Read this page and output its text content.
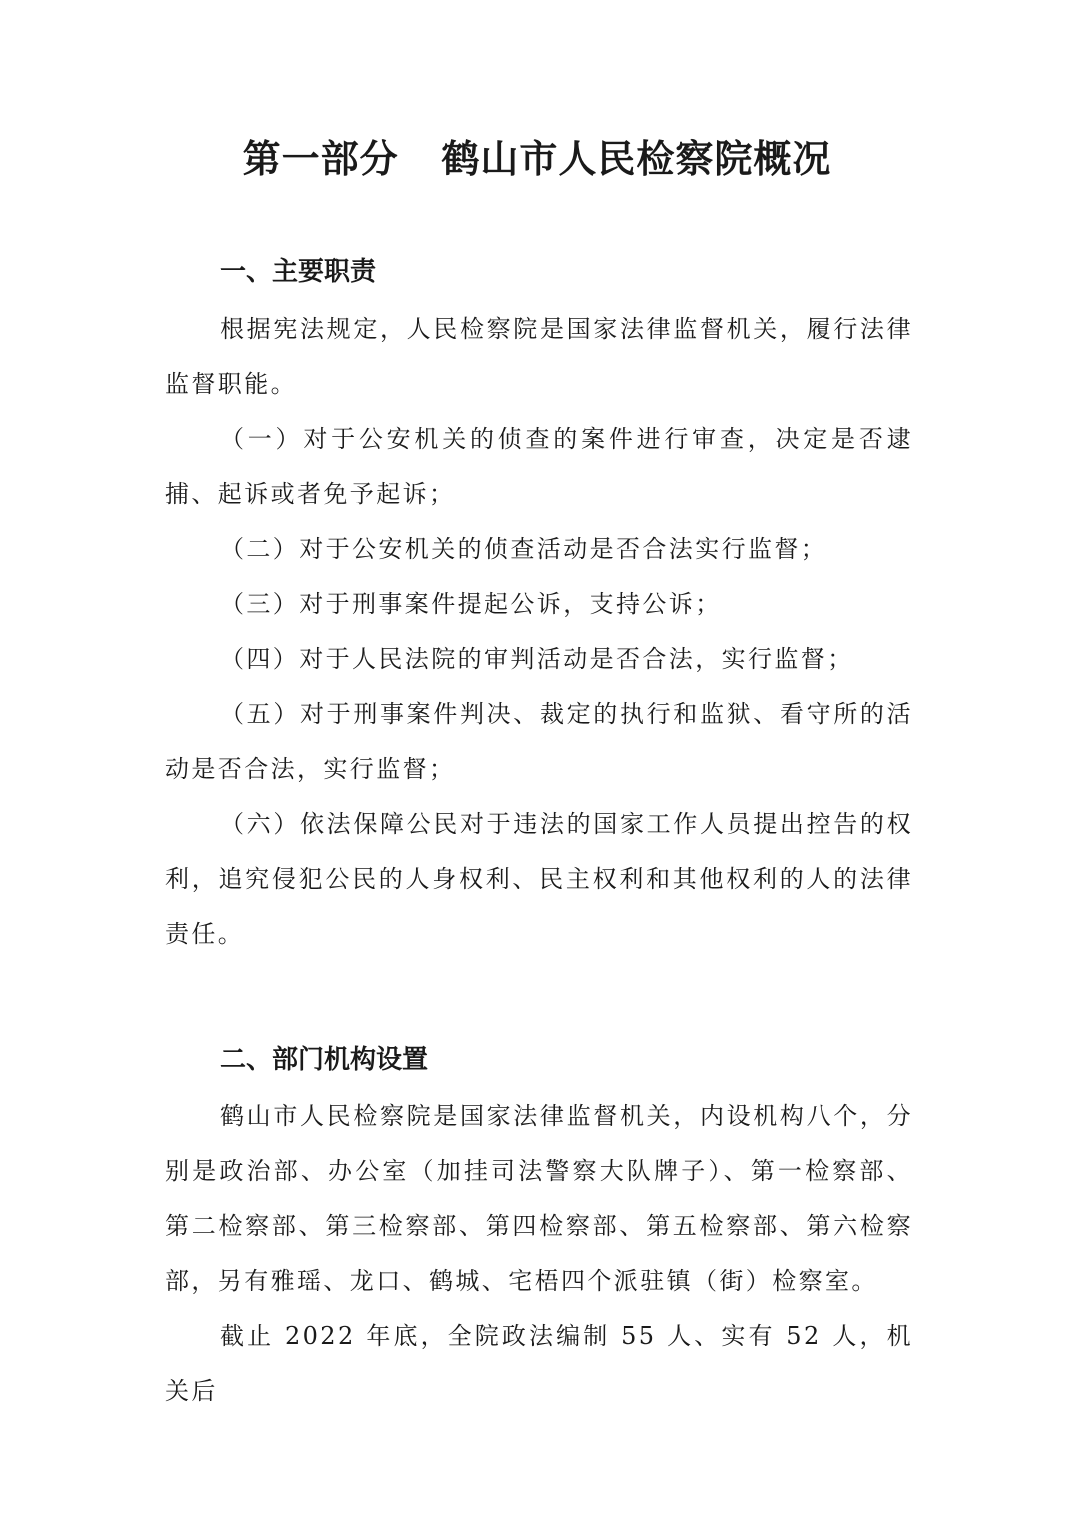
第一部分   鹤山市人民检察院概况
一、主要职责

根据宪法规定，人民检察院是国家法律监督机关，履行法律监督职能。

（一）对于公安机关的侦查的案件进行审查，决定是否逮捕、起诉或者免予起诉；

（二）对于公安机关的侦查活动是否合法实行监督；

（三）对于刑事案件提起公诉，支持公诉；

（四）对于人民法院的审判活动是否合法，实行监督；

（五）对于刑事案件判决、裁定的执行和监狱、看守所的活动是否合法，实行监督；

（六）依法保障公民对于违法的国家工作人员提出控告的权利，追究侵犯公民的人身权利、民主权利和其他权利的人的法律责任。

二、部门机构设置

鹤山市人民检察院是国家法律监督机关，内设机构八个，分别是政治部、办公室（加挂司法警察大队牌子）、第一检察部、第二检察部、第三检察部、第四检察部、第五检察部、第六检察部，另有雅瑶、龙口、鹤城、宅梧四个派驻镇（街）检察室。

截止 2022 年底，全院政法编制 55 人、实有 52 人，机关后
